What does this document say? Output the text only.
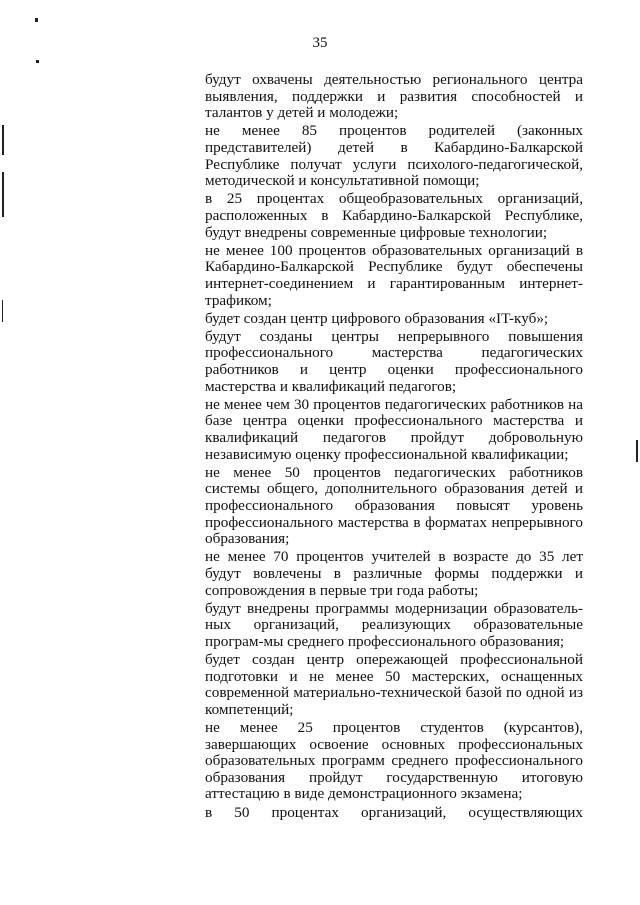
35

будут охвачены деятельностью регионального центра выявления, поддержки и развития способностей и талантов у детей и молодежи;

не менее 85 процентов родителей (законных представителей) детей в Кабардино-Балкарской Республике получат услуги психолого-педагогической, методической и консультативной помощи;

в 25 процентах общеобразовательных организаций, расположенных в Кабардино-Балкарской Республике, будут внедрены современные цифровые технологии;

не менее 100 процентов образовательных организаций в Кабардино-Балкарской Республике будут обеспечены интернет-соединением и гарантированным интернет-трафиком;

будет создан центр цифрового образования «IT-куб»;

будут созданы центры непрерывного повышения профессионального мастерства педагогических работников и центр оценки профессионального мастерства и квалификаций педагогов;

не менее чем 30 процентов педагогических работников на базе центра оценки профессионального мастерства и квалификаций педагогов пройдут добровольную независимую оценку профессиональной квалификации;

не менее 50 процентов педагогических работников системы общего, дополнительного образования детей и профессионального образования повысят уровень профессионального мастерства в форматах непрерывного образования;

не менее 70 процентов учителей в возрасте до 35 лет будут вовлечены в различные формы поддержки и сопровождения в первые три года работы;

будут внедрены программы модернизации образователь-ных организаций, реализующих образовательные програм-мы среднего профессионального образования;

будет создан центр опережающей профессиональной подготовки и не менее 50 мастерских, оснащенных современной материально-технической базой по одной из компетенций;

не менее 25 процентов студентов (курсантов), завершающих освоение основных профессиональных образовательных программ среднего профессионального образования пройдут государственную итоговую аттестацию в виде демонстрационного экзамена;

в 50 процентах организаций, осуществляющих
